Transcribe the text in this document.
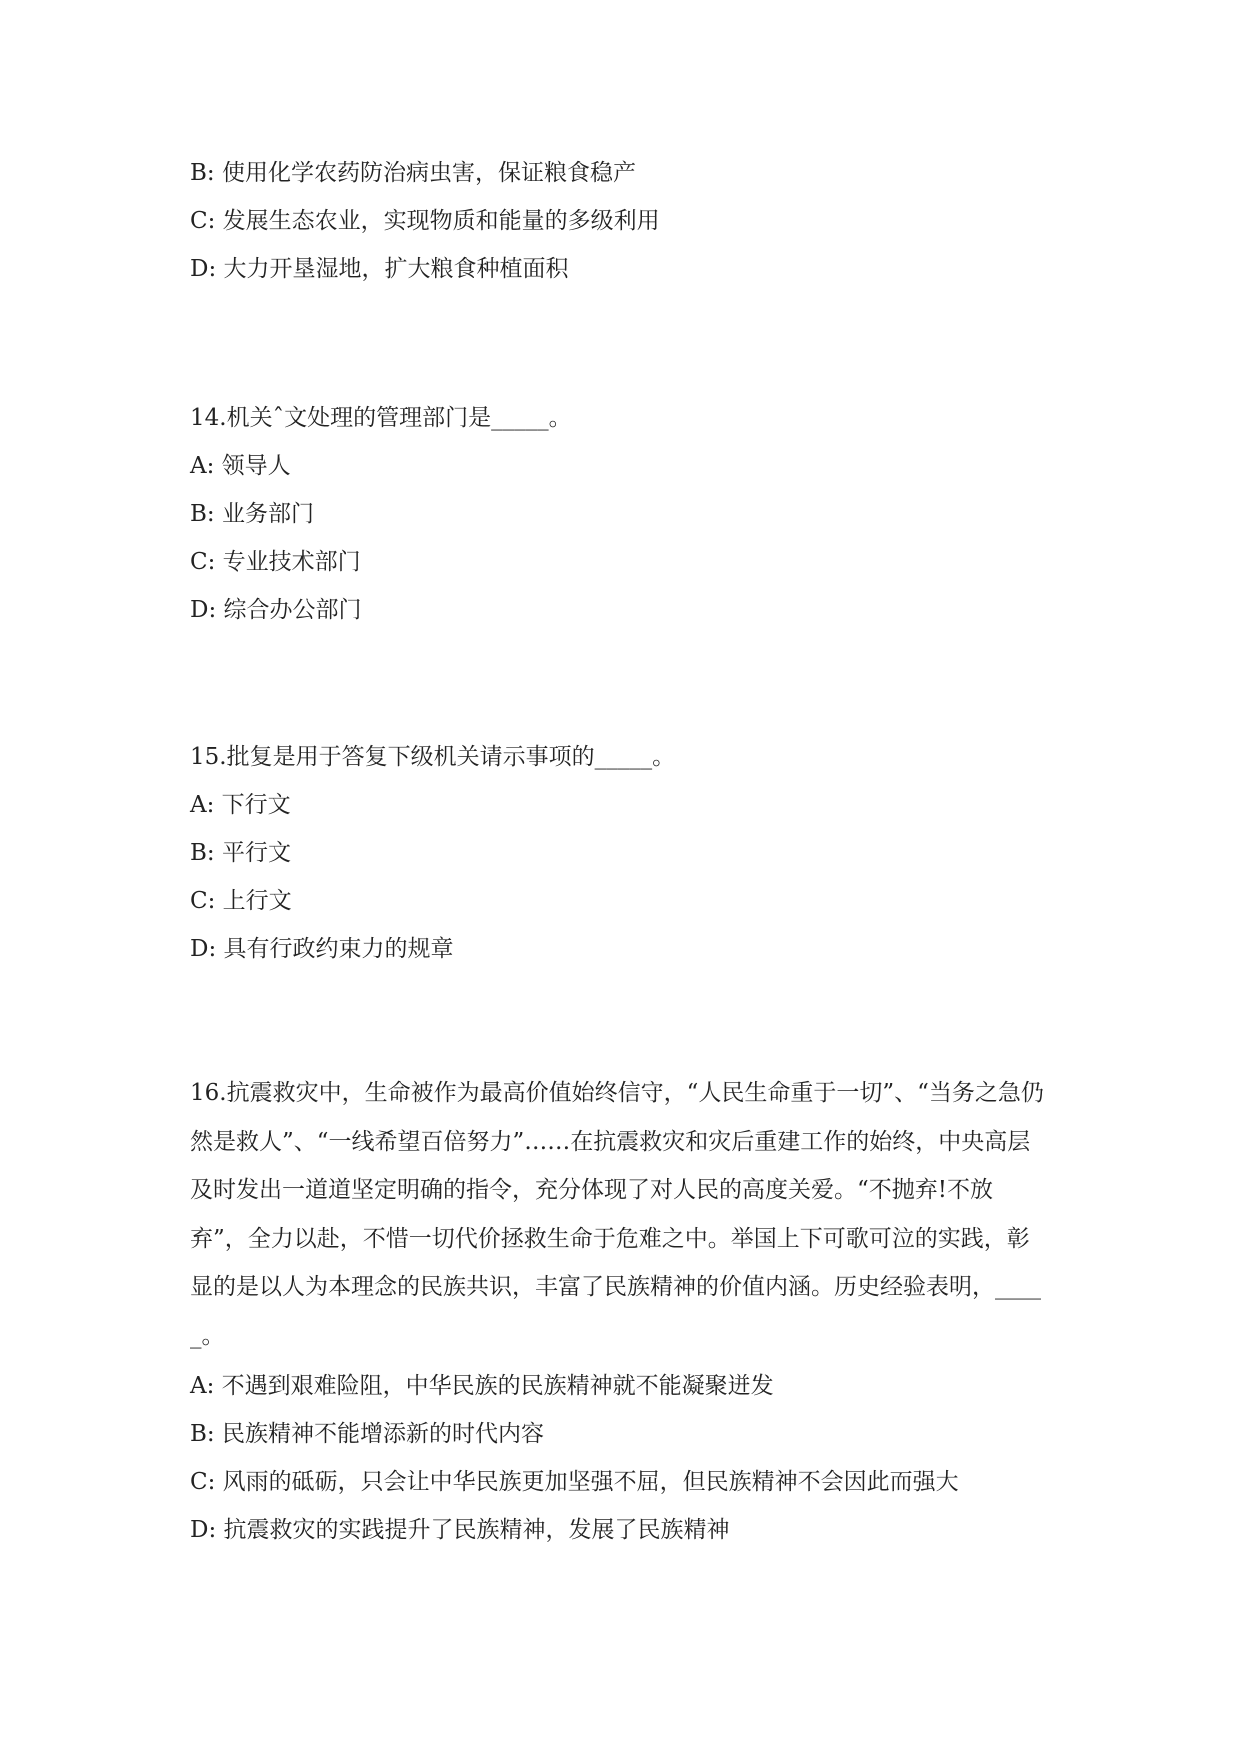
B: 使用化学农药防治病虫害，保证粮食稳产
C: 发展生态农业，实现物质和能量的多级利用
D: 大力开垦湿地，扩大粮食种植面积
14.机关ˆ文处理的管理部门是_____。
A: 领导人
B: 业务部门
C: 专业技术部门
D: 综合办公部门
15.批复是用于答复下级机关请示事项的_____。
A: 下行文
B: 平行文
C: 上行文
D: 具有行政约束力的规章
16.抗震救灾中，生命被作为最高价值始终信守，“人民生命重于一切”、“当务之急仍然是救人”、“一线希望百倍努力”……在抗震救灾和灾后重建工作的始终，中央高层及时发出一道道坚定明确的指令，充分体现了对人民的高度关爱。“不抛弃!不放弃”，全力以赴，不惜一切代价拯救生命于危难之中。举国上下可歌可泣的实践，彰显的是以人为本理念的民族共识，丰富了民族精神的价值内涵。历史经验表明，_____。
A: 不遇到艰难险阻，中华民族的民族精神就不能凝聚迸发
B: 民族精神不能增添新的时代内容
C: 风雨的砥砺，只会让中华民族更加坚强不屈，但民族精神不会因此而强大
D: 抗震救灾的实践提升了民族精神，发展了民族精神
